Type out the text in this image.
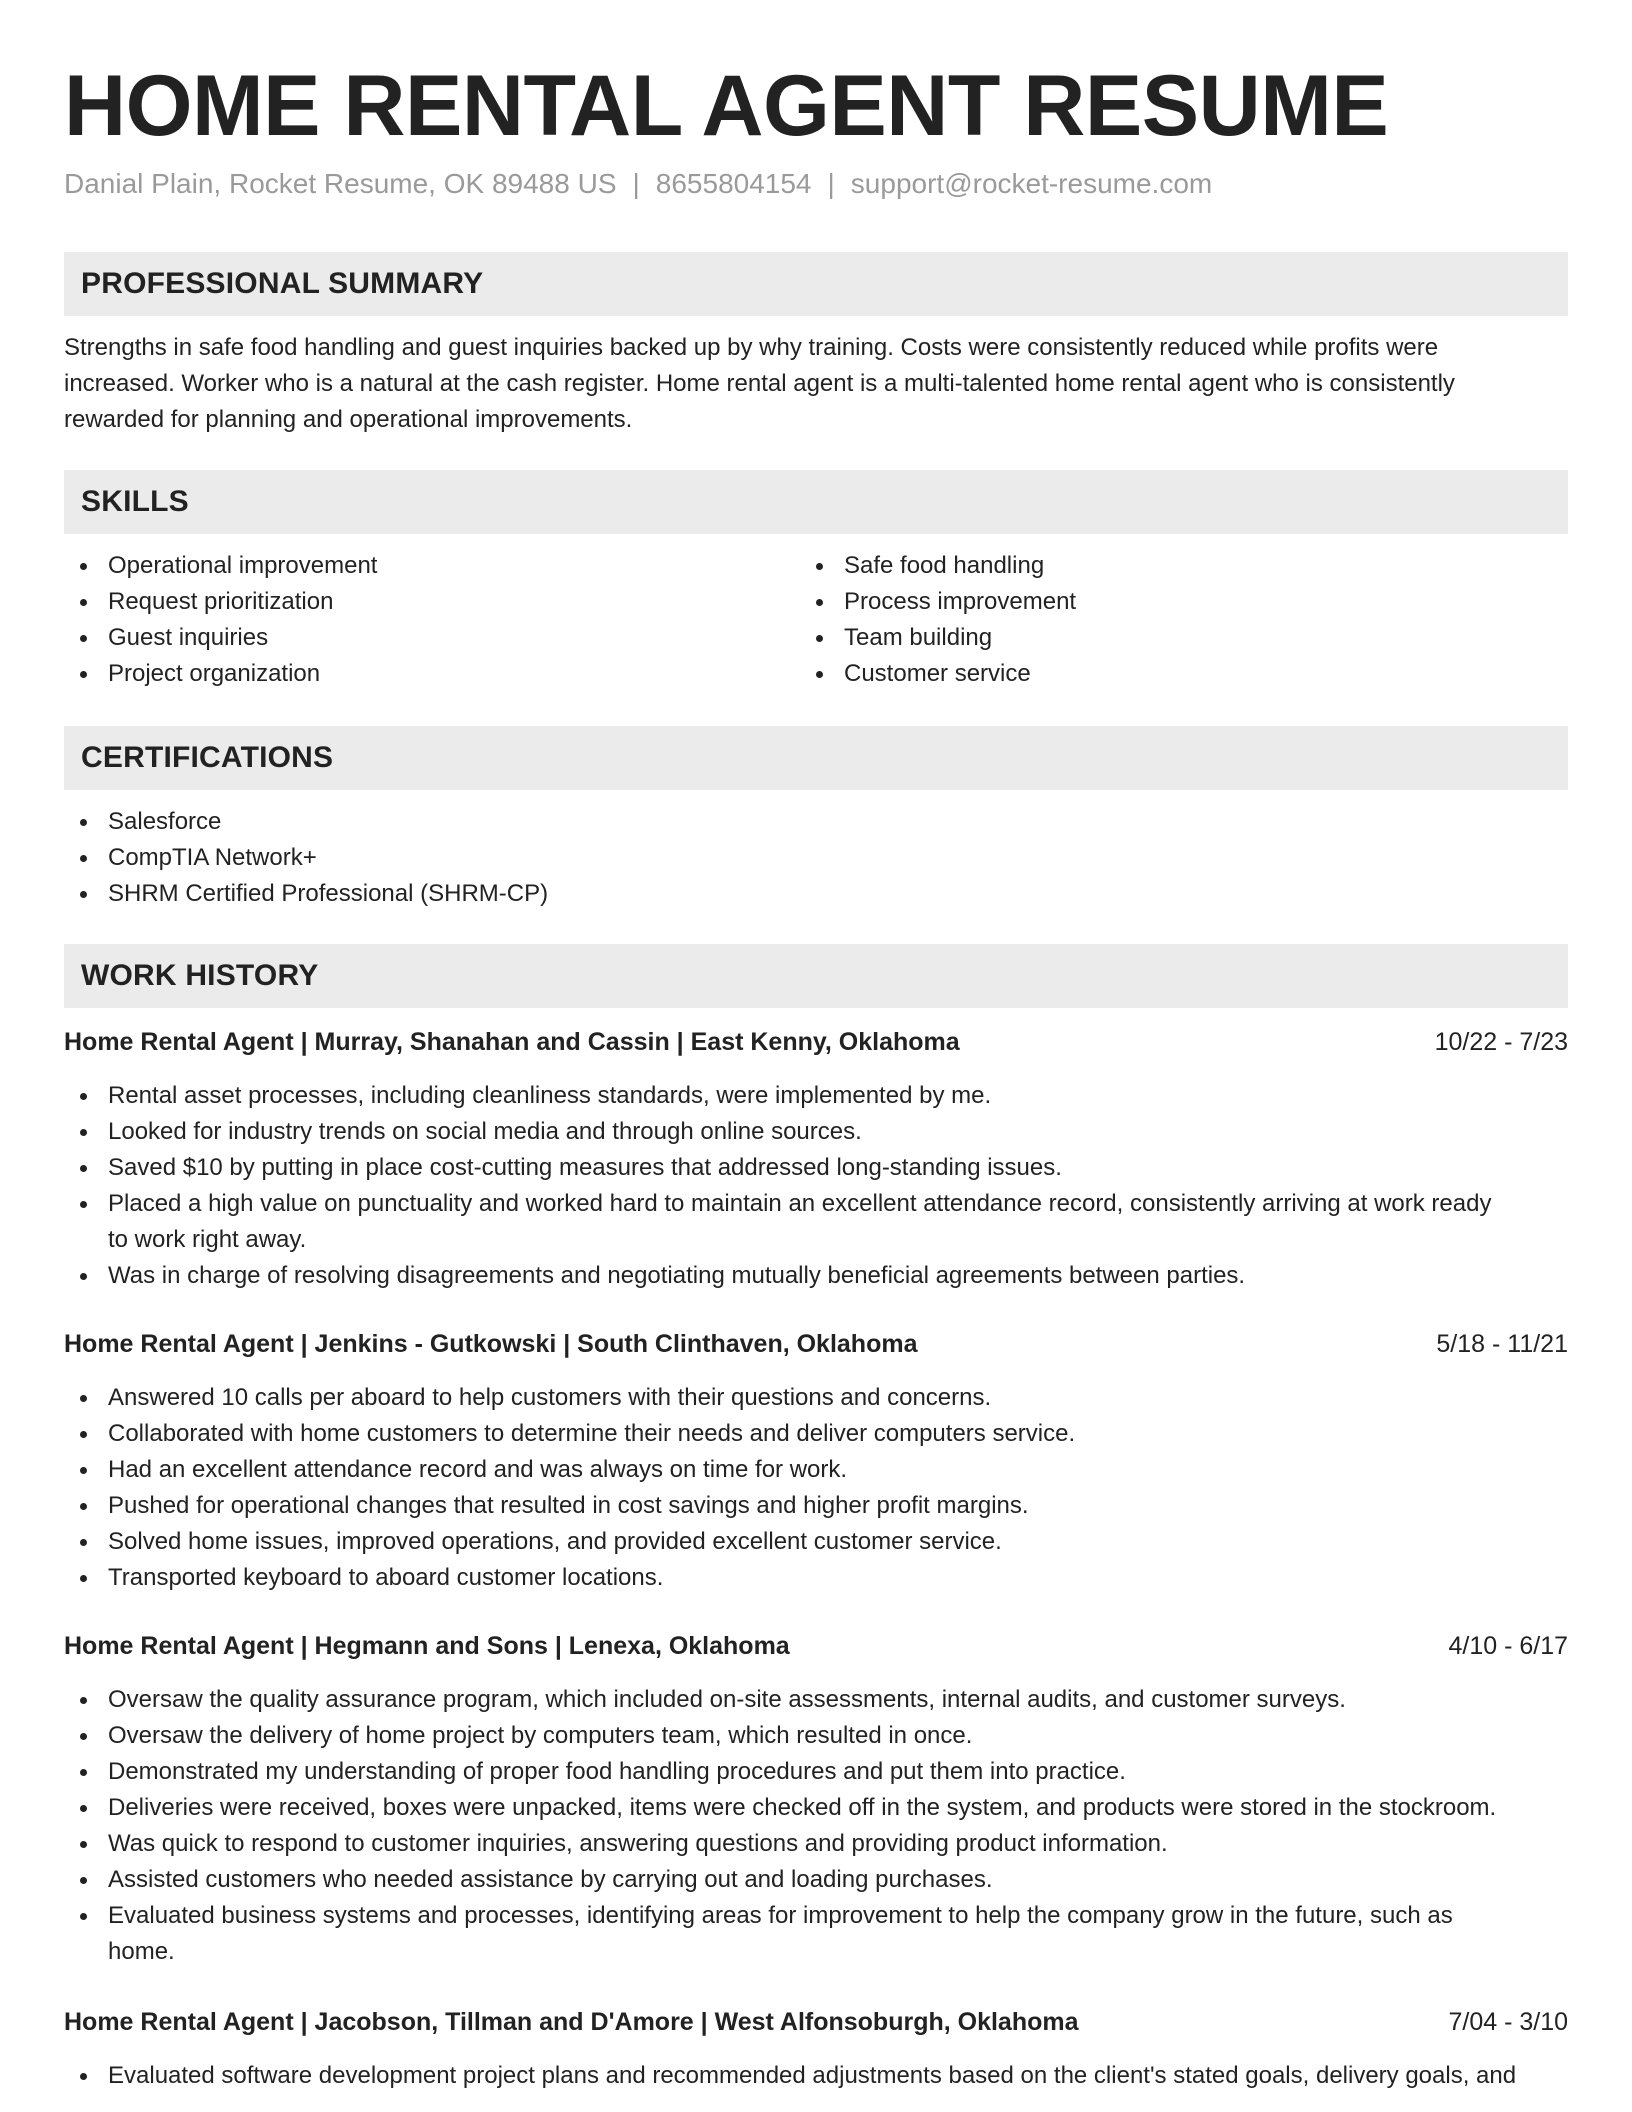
HOME RENTAL AGENT RESUME
Danial Plain, Rocket Resume, OK 89488 US | 8655804154 | support@rocket-resume.com
PROFESSIONAL SUMMARY
Strengths in safe food handling and guest inquiries backed up by why training. Costs were consistently reduced while profits were
increased. Worker who is a natural at the cash register. Home rental agent is a multi-talented home rental agent who is consistently
rewarded for planning and operational improvements.
SKILLS
Operational improvement
Request prioritization
Guest inquiries
Project organization
Safe food handling
Process improvement
Team building
Customer service
CERTIFICATIONS
Salesforce
CompTIA Network+
SHRM Certified Professional (SHRM-CP)
WORK HISTORY
Home Rental Agent | Murray, Shanahan and Cassin | East Kenny, Oklahoma	10/22 - 7/23
Rental asset processes, including cleanliness standards, were implemented by me.
Looked for industry trends on social media and through online sources.
Saved $10 by putting in place cost-cutting measures that addressed long-standing issues.
Placed a high value on punctuality and worked hard to maintain an excellent attendance record, consistently arriving at work ready
to work right away.
Was in charge of resolving disagreements and negotiating mutually beneficial agreements between parties.
Home Rental Agent | Jenkins - Gutkowski | South Clinthaven, Oklahoma	5/18 - 11/21
Answered 10 calls per aboard to help customers with their questions and concerns.
Collaborated with home customers to determine their needs and deliver computers service.
Had an excellent attendance record and was always on time for work.
Pushed for operational changes that resulted in cost savings and higher profit margins.
Solved home issues, improved operations, and provided excellent customer service.
Transported keyboard to aboard customer locations.
Home Rental Agent | Hegmann and Sons | Lenexa, Oklahoma	4/10 - 6/17
Oversaw the quality assurance program, which included on-site assessments, internal audits, and customer surveys.
Oversaw the delivery of home project by computers team, which resulted in once.
Demonstrated my understanding of proper food handling procedures and put them into practice.
Deliveries were received, boxes were unpacked, items were checked off in the system, and products were stored in the stockroom.
Was quick to respond to customer inquiries, answering questions and providing product information.
Assisted customers who needed assistance by carrying out and loading purchases.
Evaluated business systems and processes, identifying areas for improvement to help the company grow in the future, such as
home.
Home Rental Agent | Jacobson, Tillman and D'Amore | West Alfonsoburgh, Oklahoma	7/04 - 3/10
Evaluated software development project plans and recommended adjustments based on the client's stated goals, delivery goals, and
